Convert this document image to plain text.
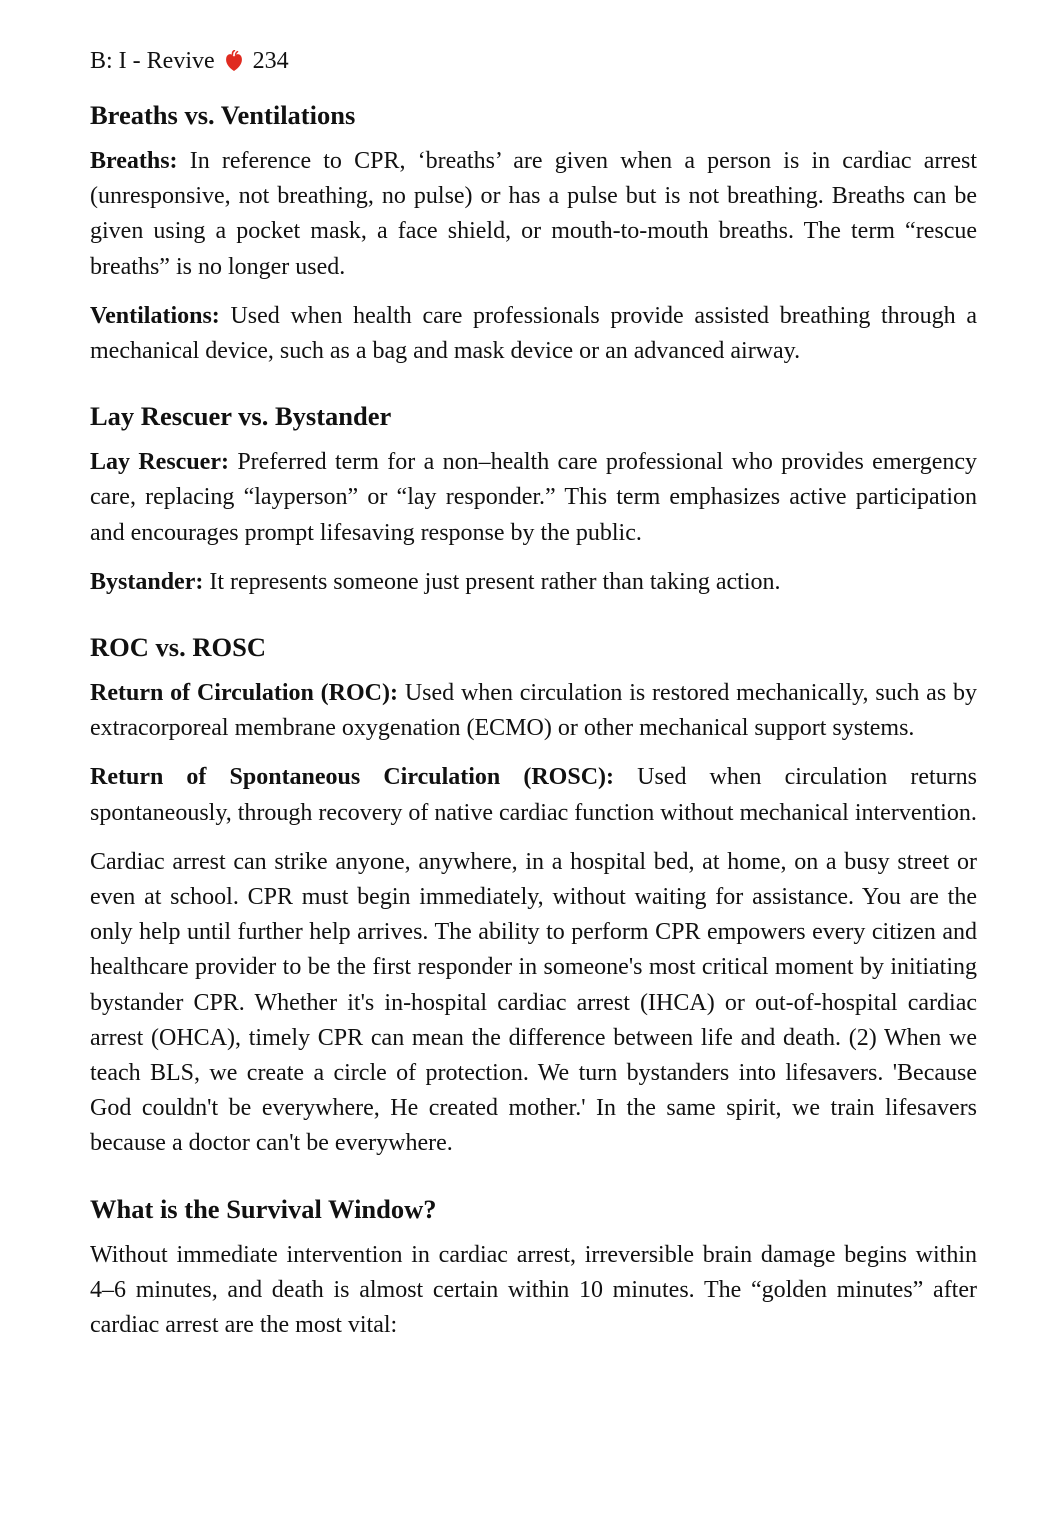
B: I - Revive 234
Breaths vs. Ventilations

Breaths: In reference to CPR, ‘breaths’ are given when a person is in cardiac arrest (unresponsive, not breathing, no pulse) or has a pulse but is not breathing. Breaths can be given using a pocket mask, a face shield, or mouth-to-mouth breaths. The term “rescue breaths” is no longer used.

Ventilations: Used when health care professionals provide assisted breathing through a mechanical device, such as a bag and mask device or an advanced airway.

Lay Rescuer vs. Bystander

Lay Rescuer: Preferred term for a non–health care professional who provides emergency care, replacing “layperson” or “lay responder.” This term emphasizes active participation and encourages prompt lifesaving response by the public.

Bystander: It represents someone just present rather than taking action.

ROC vs. ROSC

Return of Circulation (ROC): Used when circulation is restored mechanically, such as by extracorporeal membrane oxygenation (ECMO) or other mechanical support systems.

Return of Spontaneous Circulation (ROSC): Used when circulation returns spontaneously, through recovery of native cardiac function without mechanical intervention.

Cardiac arrest can strike anyone, anywhere, in a hospital bed, at home, on a busy street or even at school. CPR must begin immediately, without waiting for assistance. You are the only help until further help arrives. The ability to perform CPR empowers every citizen and healthcare provider to be the first responder in someone's most critical moment by initiating bystander CPR. Whether it's in-hospital cardiac arrest (IHCA) or out-of-hospital cardiac arrest (OHCA), timely CPR can mean the difference between life and death. (2) When we teach BLS, we create a circle of protection. We turn bystanders into lifesavers. 'Because God couldn't be everywhere, He created mother.' In the same spirit, we train lifesavers because a doctor can't be everywhere.

What is the Survival Window?

Without immediate intervention in cardiac arrest, irreversible brain damage begins within 4–6 minutes, and death is almost certain within 10 minutes. The “golden minutes” after cardiac arrest are the most vital:
